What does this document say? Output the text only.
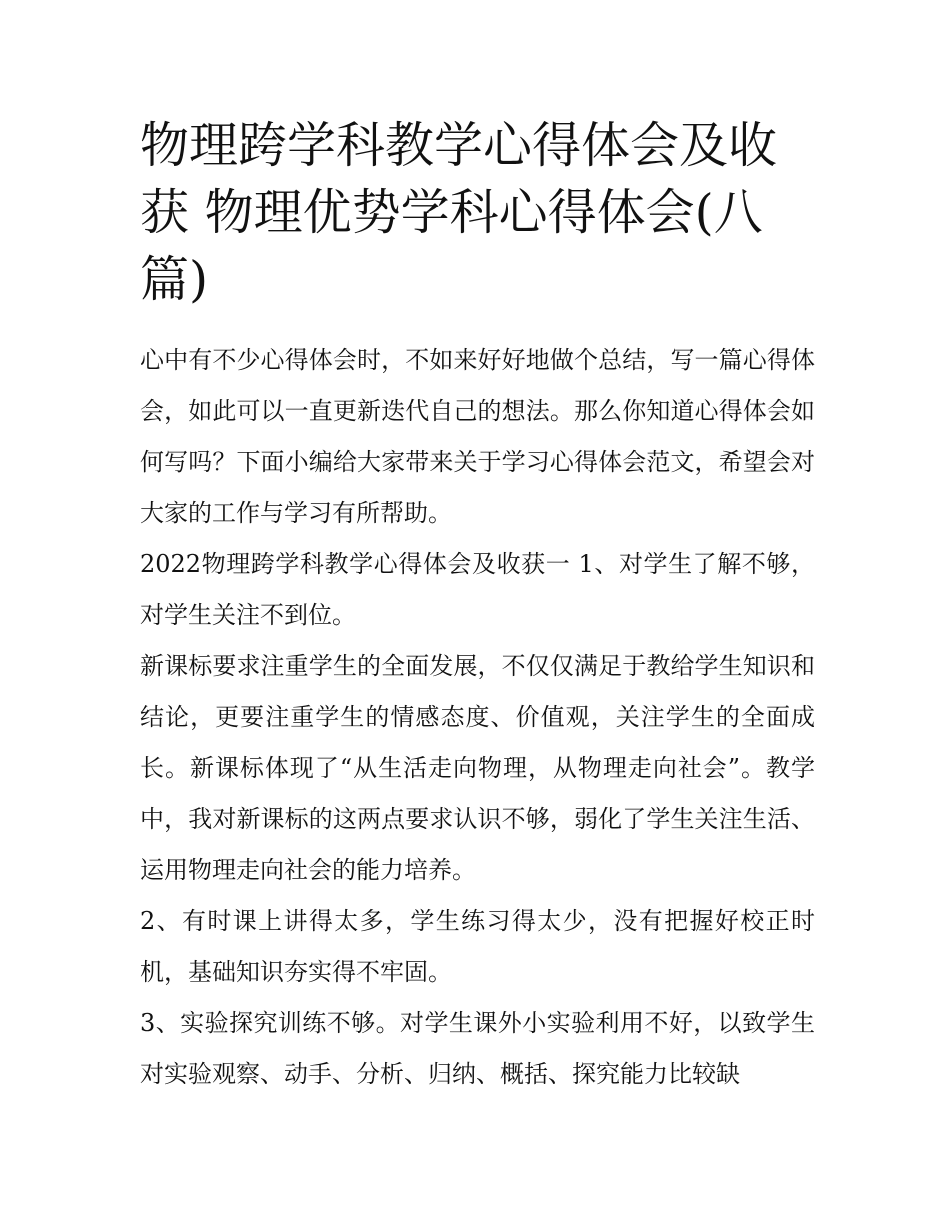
物理跨学科教学心得体会及收获 物理优势学科心得体会(八篇)

心中有不少心得体会时，不如来好好地做个总结，写一篇心得体会，如此可以一直更新迭代自己的想法。那么你知道心得体会如何写吗？下面小编给大家带来关于学习心得体会范文，希望会对大家的工作与学习有所帮助。

2022物理跨学科教学心得体会及收获一 1、对学生了解不够，对学生关注不到位。

新课标要求注重学生的全面发展，不仅仅满足于教给学生知识和结论，更要注重学生的情感态度、价值观，关注学生的全面成长。新课标体现了“从生活走向物理，从物理走向社会”。教学中，我对新课标的这两点要求认识不够，弱化了学生关注生活、运用物理走向社会的能力培养。

2、有时课上讲得太多，学生练习得太少，没有把握好校正时机，基础知识夯实得不牢固。

3、实验探究训练不够。对学生课外小实验利用不好，以致学生对实验观察、动手、分析、归纳、概括、探究能力比较缺
